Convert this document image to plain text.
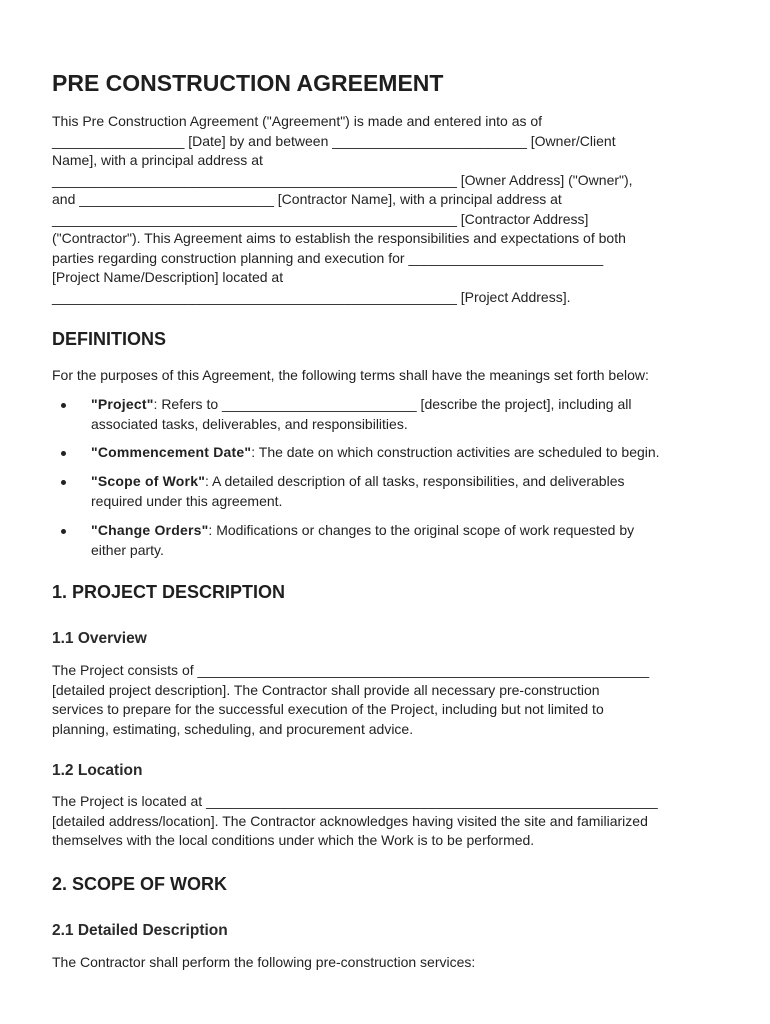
PRE CONSTRUCTION AGREEMENT
This Pre Construction Agreement ("Agreement") is made and entered into as of
_________________ [Date] by and between _________________________ [Owner/Client
Name], with a principal address at
____________________________________________________ [Owner Address] ("Owner"),
and _________________________ [Contractor Name], with a principal address at
____________________________________________________ [Contractor Address]
("Contractor"). This Agreement aims to establish the responsibilities and expectations of both
parties regarding construction planning and execution for _________________________
[Project Name/Description] located at
____________________________________________________ [Project Address].
DEFINITIONS

For the purposes of this Agreement, the following terms shall have the meanings set forth below:

"Project": Refers to _________________________ [describe the project], including all
associated tasks, deliverables, and responsibilities.
"Commencement Date": The date on which construction activities are scheduled to begin.
"Scope of Work": A detailed description of all tasks, responsibilities, and deliverables
required under this agreement.
"Change Orders": Modifications or changes to the original scope of work requested by
either party.
1. PROJECT DESCRIPTION
1.1 Overview
The Project consists of __________________________________________________________
[detailed project description]. The Contractor shall provide all necessary pre-construction
services to prepare for the successful execution of the Project, including but not limited to
planning, estimating, scheduling, and procurement advice.
1.2 Location
The Project is located at __________________________________________________________
[detailed address/location]. The Contractor acknowledges having visited the site and familiarized
themselves with the local conditions under which the Work is to be performed.
2. SCOPE OF WORK
2.1 Detailed Description
The Contractor shall perform the following pre-construction services:
